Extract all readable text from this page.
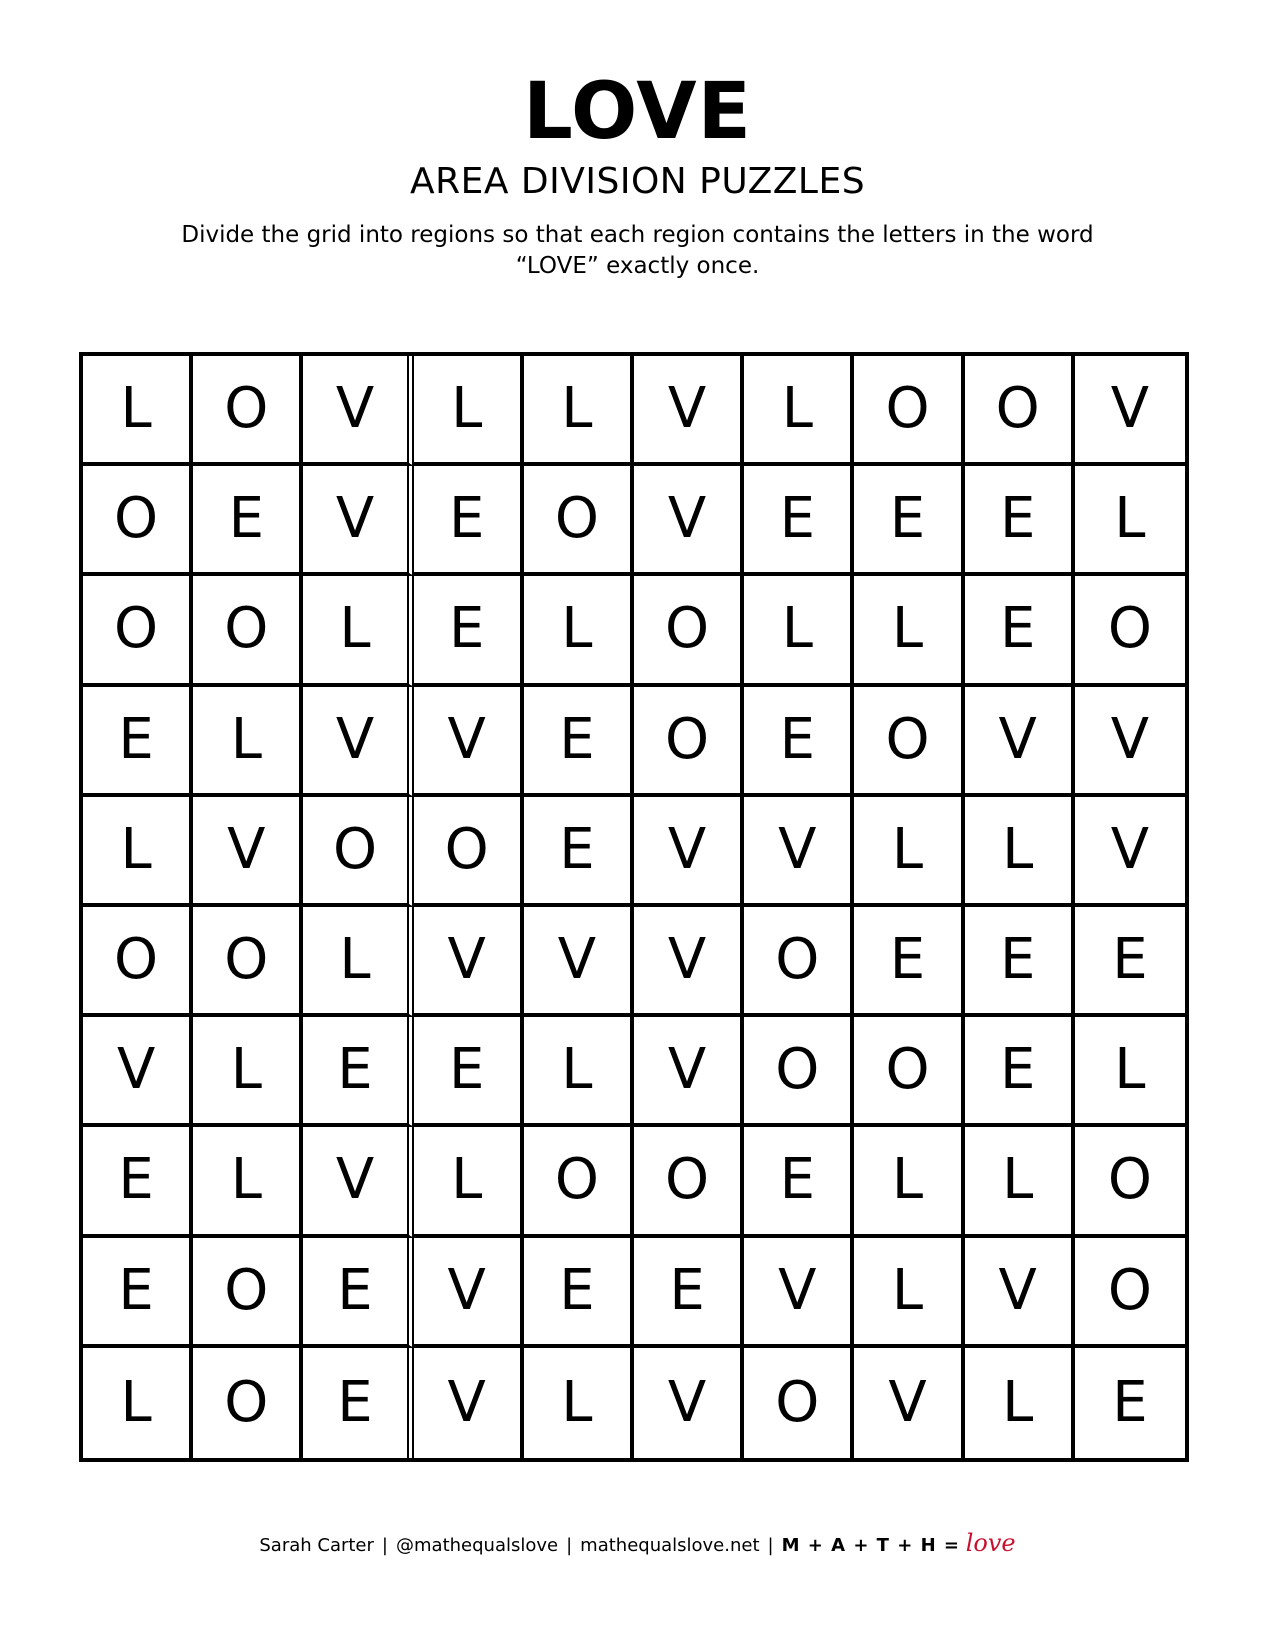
LOVE
AREA DIVISION PUZZLES
Divide the grid into regions so that each region contains the letters in the word “LOVE” exactly once.
L	O	V	L	L	V	L	O	O	V
O	E	V	E	O	V	E	E	E	L
O	O	L	E	L	O	L	L	E	O
E	L	V	V	E	O	E	O	V	V
L	V	O	O	E	V	V	L	L	V
O	O	L	V	V	V	O	E	E	E
V	L	E	E	L	V	O	O	E	L
E	L	V	L	O	O	E	L	L	O
E	O	E	V	E	E	V	L	V	O
L	O	E	V	L	V	O	V	L	E
Sarah Carter | @mathequalslove | mathequalslove.net | M + A + T + H = love
